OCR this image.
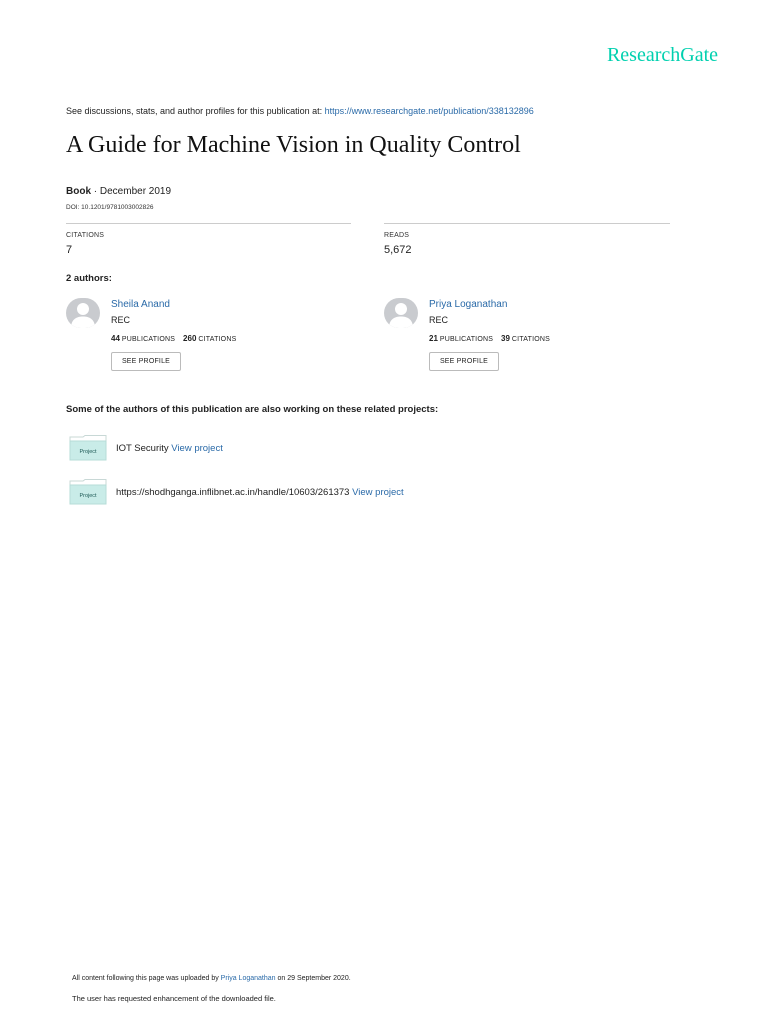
ResearchGate
See discussions, stats, and author profiles for this publication at: https://www.researchgate.net/publication/338132896
A Guide for Machine Vision in Quality Control
Book · December 2019
DOI: 10.1201/9781003002826
CITATIONS
7
READS
5,672
2 authors:
Sheila Anand
REC
44 PUBLICATIONS 260 CITATIONS
SEE PROFILE
Priya Loganathan
REC
21 PUBLICATIONS 39 CITATIONS
SEE PROFILE
Some of the authors of this publication are also working on these related projects:
Project IOT Security View project
Project https://shodhganga.inflibnet.ac.in/handle/10603/261373 View project
All content following this page was uploaded by Priya Loganathan on 29 September 2020.
The user has requested enhancement of the downloaded file.
